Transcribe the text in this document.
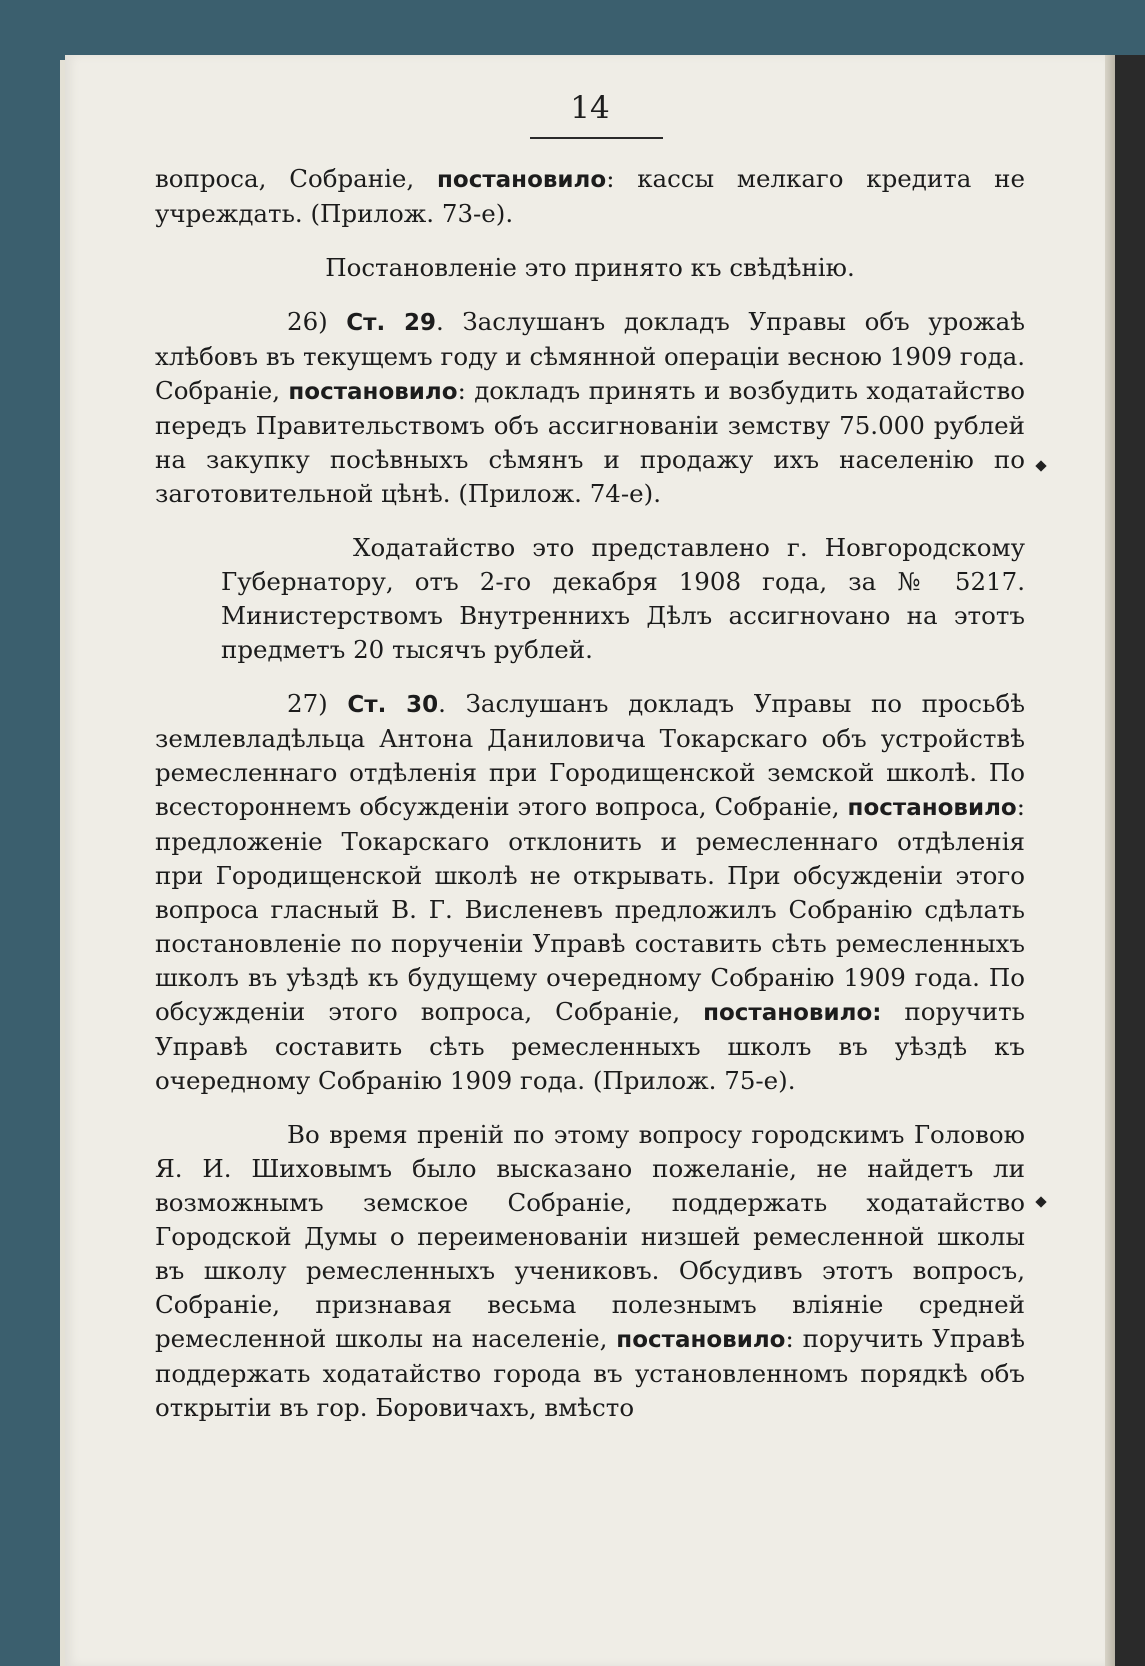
14

вопроса, Собраніе, постановило: кассы мелкаго кредита не учреждать. (Прилож. 73-е).

Постановленіе это принято къ свѣдѣнію.

26) Ст. 29. Заслушанъ докладъ Управы объ урожаѣ хлѣбовъ въ текущемъ году и сѣмянной операціи весною 1909 года. Собраніе, постановило: докладъ принять и возбудить ходатайство передъ Правительствомъ объ ассигнованіи земству 75.000 рублей на закупку посѣвныхъ сѣмянъ и продажу ихъ населенію по заготовительной цѣнѣ. (Прилож. 74-е).

Ходатайство это представлено г. Новгородскому Губернатору, отъ 2-го декабря 1908 года, за № 5217. Министерствомъ Внутреннихъ Дѣлъ ассигнovано на этотъ предметъ 20 тысячъ рублей.

27) Ст. 30. Заслушанъ докладъ Управы по просьбѣ землевладѣльца Антона Даниловича Токарскаго объ устройствѣ ремесленнаго отдѣленія при Городищенской земской школѣ. По всестороннемъ обсужденіи этого вопроса, Собраніе, постановило: предложеніе Токарскаго отклонить и ремесленнаго отдѣленія при Городищенской школѣ не открывать. При обсужденіи этого вопроса гласный В. Г. Висленевъ предложилъ Собранію сдѣлать постановленіе по порученіи Управѣ составить сѣть ремесленныхъ школъ въ уѣздѣ къ будущему очередному Собранію 1909 года. По обсужденіи этого вопроса, Собраніе, постановило: поручить Управѣ составить сѣть ремесленныхъ школъ въ уѣздѣ къ очередному Собранію 1909 года. (Прилож. 75-е).

Во время преній по этому вопросу городскимъ Головою Я. И. Шиховымъ было высказано пожеланіе, не найдетъ ли возможнымъ земское Собраніе, поддержать ходатайство Городской Думы о переименованіи низшей ремесленной школы въ школу ремесленныхъ учениковъ. Обсудивъ этотъ вопросъ, Собраніе, признавая весьма полезнымъ вліяніе средней ремесленной школы на населеніе, постановило: поручить Управѣ поддержать ходатайство города въ установленномъ порядкѣ объ открытіи въ гор. Боровичахъ, вмѣсто
